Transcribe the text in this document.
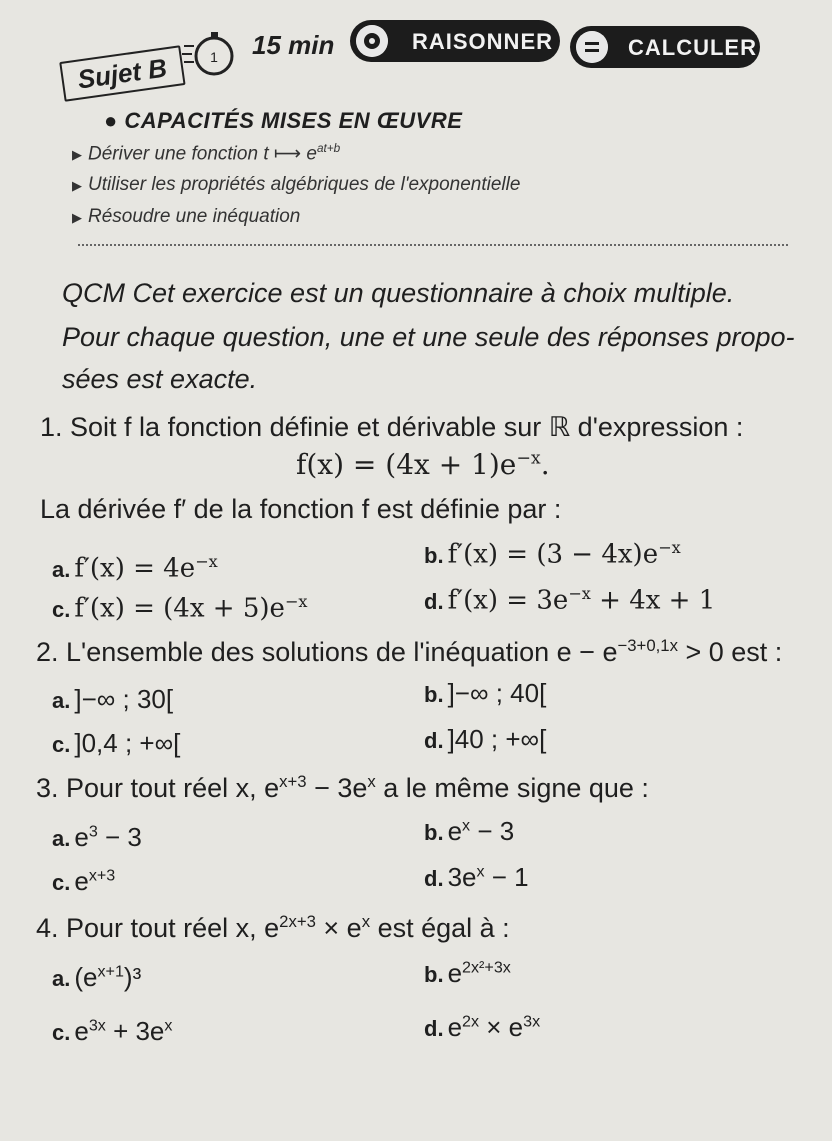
Sujet B	1 15 min	RAISONNER	CALCULER
● CAPACITÉS MISES EN ŒUVRE
▶ Dériver une fonction t ⟼ $e^{at+b}$
▶ Utiliser les propriétés algébriques de l'exponentielle
▶ Résoudre une inéquation
QCM Cet exercice est un questionnaire à choix multiple.
Pour chaque question, une et une seule des réponses propo-
sées est exacte.
1. Soit f la fonction définie et dérivable sur ℝ d'expression :
$f(x) = (4x + 1)e^{-x}$.
La dérivée f′ de la fonction f est définie par :
a. $f'(x) = 4e^{-x}$	b. $f'(x) = (3 - 4x)e^{-x}$
c. $f'(x) = (4x + 5)e^{-x}$	d. $f'(x) = 3e^{-x} + 4x + 1$
2. L'ensemble des solutions de l'inéquation $e - e^{-3+0,1x} > 0$ est :
a. ]−∞ ; 30[	b. ]−∞ ; 40[
c. ]0,4 ; +∞[	d. ]40 ; +∞[
3. Pour tout réel x, $e^{x+3} - 3e^x$ a le même signe que :
a. $e^3 - 3$	b. $e^x - 3$
c. $e^{x+3}$	d. $3e^x - 1$
4. Pour tout réel x, $e^{2x+3} \times e^x$ est égal à :
a. $(e^{x+1})^3$	b. $e^{2x^2+3x}$
c. $e^{3x} + 3e^x$	d. $e^{2x} \times e^{3x}$
